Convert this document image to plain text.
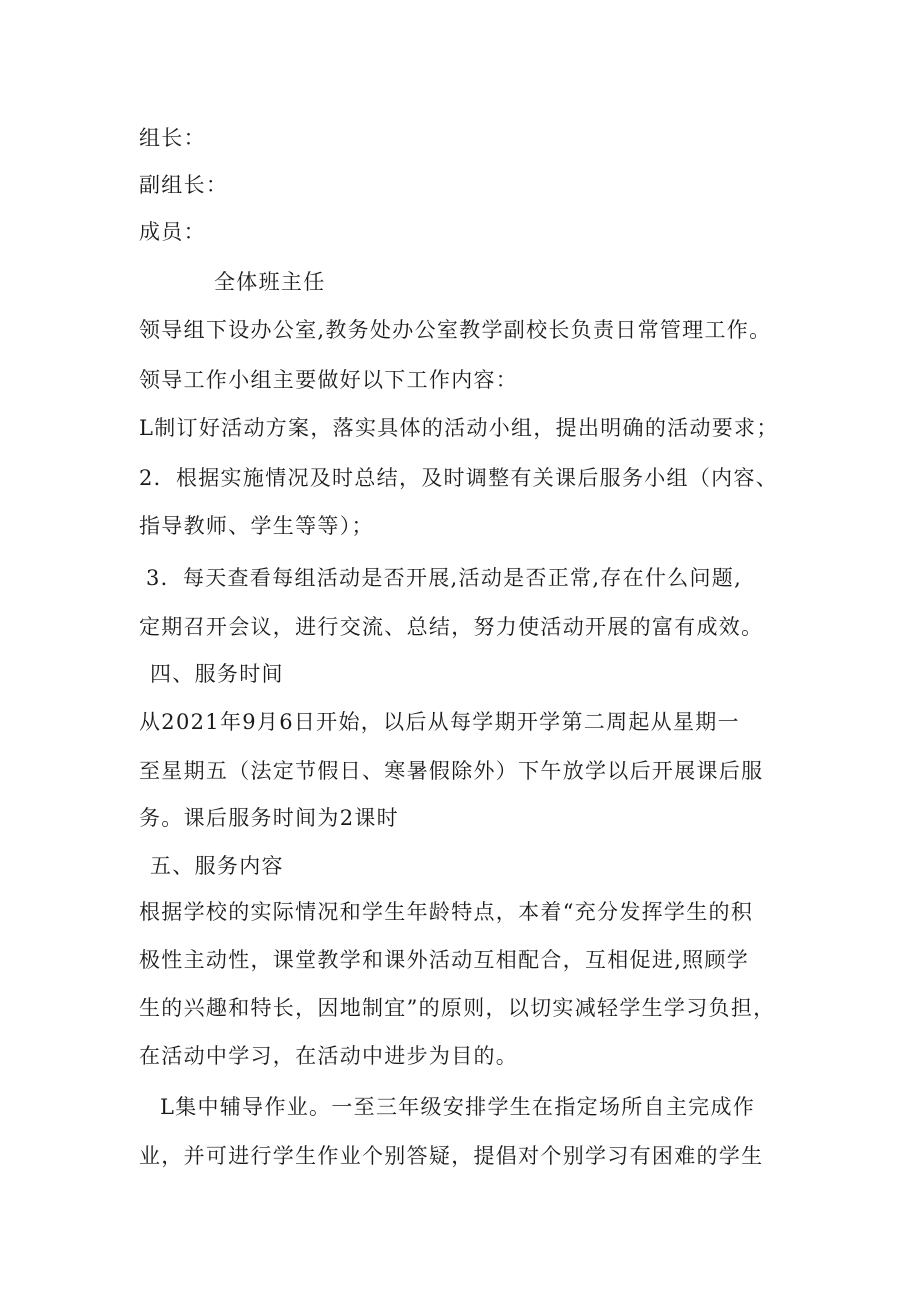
组长：
副组长：
成员：
全体班主任
领导组下设办公室,教务处办公室教学副校长负责日常管理工作。
领导工作小组主要做好以下工作内容：
L制订好活动方案，落实具体的活动小组，提出明确的活动要求；
2．根据实施情况及时总结，及时调整有关课后服务小组（内容、
指导教师、学生等等）；
3．每天查看每组活动是否开展,活动是否正常,存在什么问题,
定期召开会议，进行交流、总结，努力使活动开展的富有成效。
四、服务时间
从2021年9月6日开始，以后从每学期开学第二周起从星期一
至星期五（法定节假日、寒暑假除外）下午放学以后开展课后服
务。课后服务时间为2课时
五、服务内容
根据学校的实际情况和学生年龄特点，本着“充分发挥学生的积
极性主动性，课堂教学和课外活动互相配合，互相促进,照顾学
生的兴趣和特长，因地制宜”的原则，以切实减轻学生学习负担，
在活动中学习，在活动中进步为目的。
L集中辅导作业。一至三年级安排学生在指定场所自主完成作
业，并可进行学生作业个别答疑，提倡对个别学习有困难的学生
